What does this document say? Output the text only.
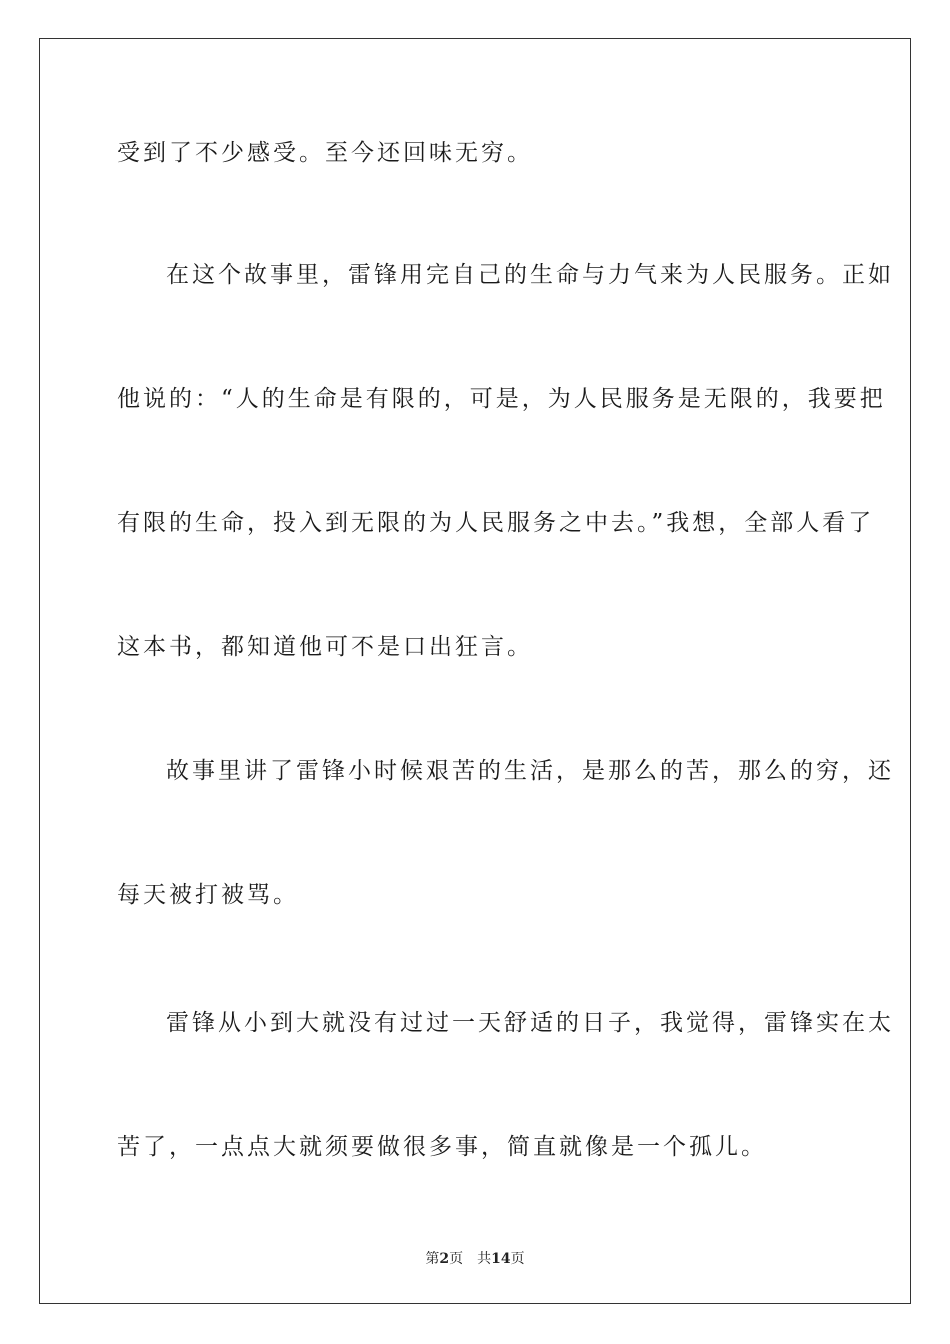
受到了不少感受。至今还回味无穷。
在这个故事里，雷锋用完自己的生命与力气来为人民服务。正如
他说的：“人的生命是有限的，可是，为人民服务是无限的，我要把
有限的生命，投入到无限的为人民服务之中去。”我想，全部人看了
这本书，都知道他可不是口出狂言。
故事里讲了雷锋小时候艰苦的生活，是那么的苦，那么的穷，还
每天被打被骂。
雷锋从小到大就没有过过一天舒适的日子，我觉得，雷锋实在太
苦了，一点点大就须要做很多事，简直就像是一个孤儿。
第2页 共14页
